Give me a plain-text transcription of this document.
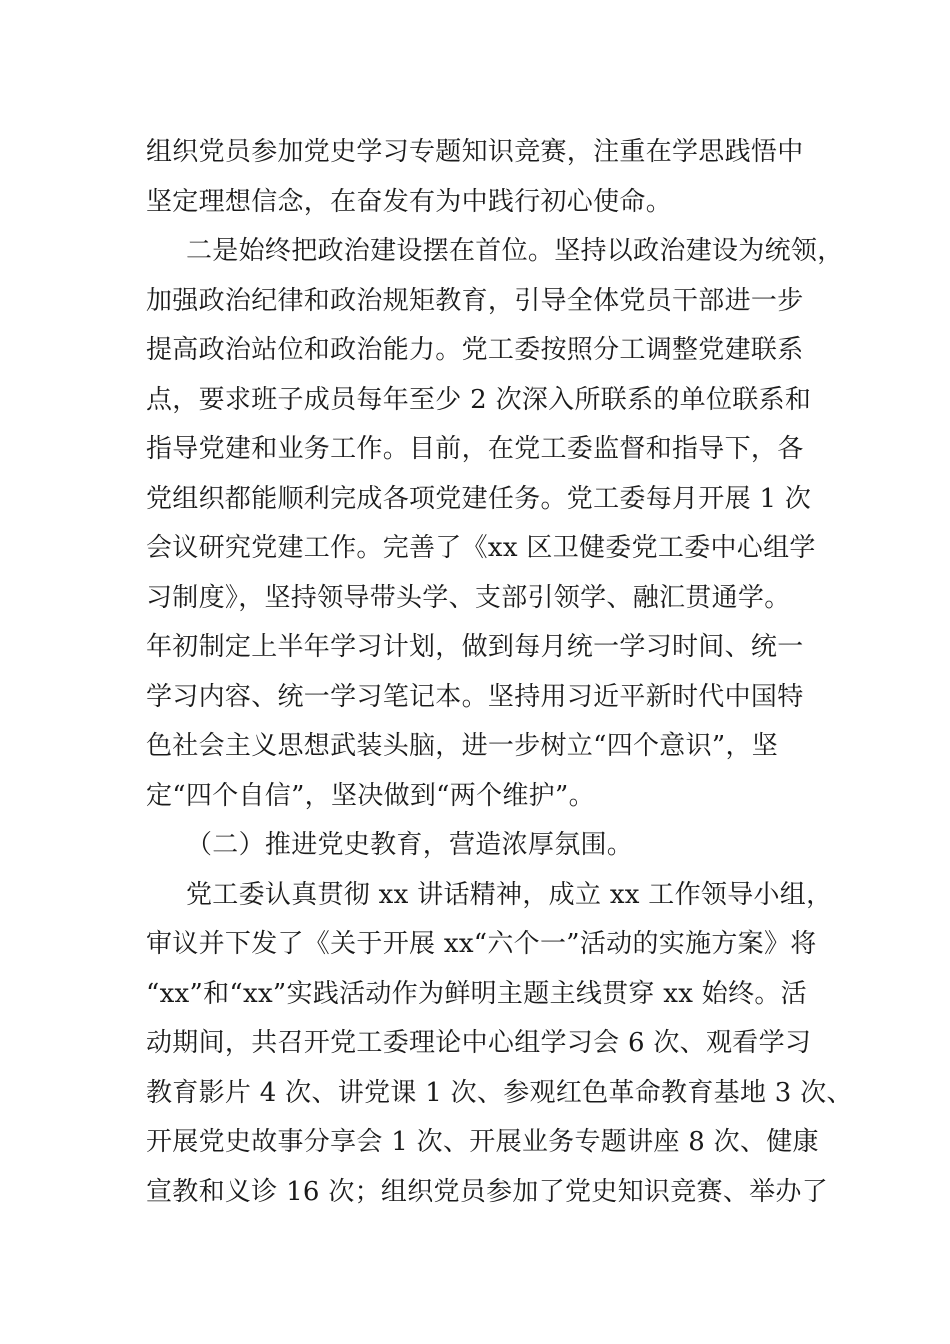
组织党员参加党史学习专题知识竞赛，注重在学思践悟中
坚定理想信念，在奋发有为中践行初心使命。
二是始终把政治建设摆在首位。坚持以政治建设为统领，
加强政治纪律和政治规矩教育，引导全体党员干部进一步
提高政治站位和政治能力。党工委按照分工调整党建联系
点，要求班子成员每年至少 2 次深入所联系的单位联系和
指导党建和业务工作。目前，在党工委监督和指导下，各
党组织都能顺利完成各项党建任务。党工委每月开展 1 次
会议研究党建工作。完善了《xx 区卫健委党工委中心组学
习制度》，坚持领导带头学、支部引领学、融汇贯通学。
年初制定上半年学习计划，做到每月统一学习时间、统一
学习内容、统一学习笔记本。坚持用习近平新时代中国特
色社会主义思想武装头脑，进一步树立“四个意识”，坚
定“四个自信”，坚决做到“两个维护”。
（二）推进党史教育，营造浓厚氛围。
党工委认真贯彻 xx 讲话精神，成立 xx 工作领导小组，
审议并下发了《关于开展 xx“六个一”活动的实施方案》将
“xx”和“xx”实践活动作为鲜明主题主线贯穿 xx 始终。活
动期间，共召开党工委理论中心组学习会 6 次、观看学习
教育影片 4 次、讲党课 1 次、参观红色革命教育基地 3 次、
开展党史故事分享会 1 次、开展业务专题讲座 8 次、健康
宣教和义诊 16 次；组织党员参加了党史知识竞赛、举办了
